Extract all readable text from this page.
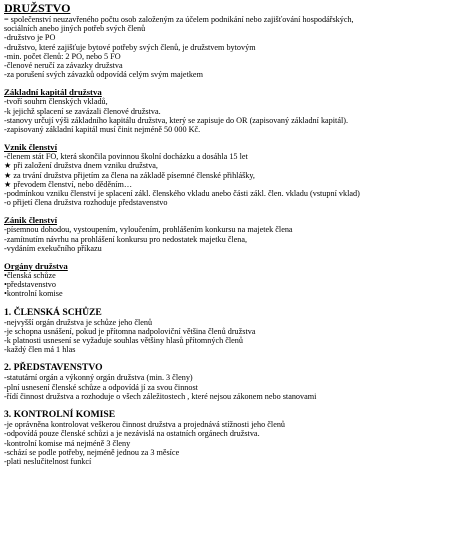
DRUŽSTVO
= společenství neuzavřeného počtu osob založeným za účelem podnikání nebo zajišťování hospodářských,
sociálních anebo jiných potřeb svých členů
-družstvo je PO
-družstvo, které zajišťuje bytové potřeby svých členů, je družstvem bytovým
-min. počet členů: 2 PO, nebo 5 FO
-členové neručí za závazky družstva
-za porušení svých závazků odpovídá celým svým majetkem
Základní kapitál družstva
-tvoří souhrn členských vkladů,
-k jejichž splacení se zavázali členové družstva.
-stanovy určují výši základního kapitálu družstva, který se zapisuje do OR (zapisovaný základní kapitál).
-zapisovaný základní kapitál musí činit nejméně 50 000 Kč.
Vznik členství
-členem stát FO, která skončila povinnou školní docházku a dosáhla 15 let
★ při založení družstva dnem vzniku družstva,
★ za trvání družstva přijetím za člena na základě písemné členské přihlášky,
★ převodem členství, nebo děděním…
-podmínkou vzniku členství je splacení zákl. členského vkladu anebo části zákl. člen. vkladu (vstupní vklad)
-o přijetí člena družstva rozhoduje představenstvo
Zánik členství
-písemnou dohodou, vystoupením, vyloučením, prohlášením konkursu na majetek člena
-zamítnutím návrhu na prohlášení konkursu pro nedostatek majetku člena,
-vydáním exekučního příkazu
Orgány družstva
•členská schůze
•představenstvo
•kontrolní komise
1. ČLENSKÁ SCHŮZE
-nejvyšší orgán družstva je schůze jeho členů
-je schopna usnášení, pokud je přítomna nadpoloviční většina členů družstva
-k platnosti usnesení se vyžaduje souhlas většiny hlasů přítomných členů
-každý člen má 1 hlas
2. PŘEDSTAVENSTVO
-statutární orgán a výkonný orgán družstva (min. 3 členy)
-plní usnesení členské schůze a odpovídá jí za svou činnost
-řídí činnost družstva a rozhoduje o všech záležitostech , které nejsou zákonem nebo stanovami
3. KONTROLNÍ KOMISE
-je oprávněna kontrolovat veškerou činnost družstva a projednává stížnosti jeho členů
-odpovídá pouze členské schůzi a je nezávislá na ostatních orgánech družstva.
-kontrolní komise má nejméně 3 členy
-schází se podle potřeby, nejméně jednou za 3 měsíce
-plati neslučitelnost funkcí
